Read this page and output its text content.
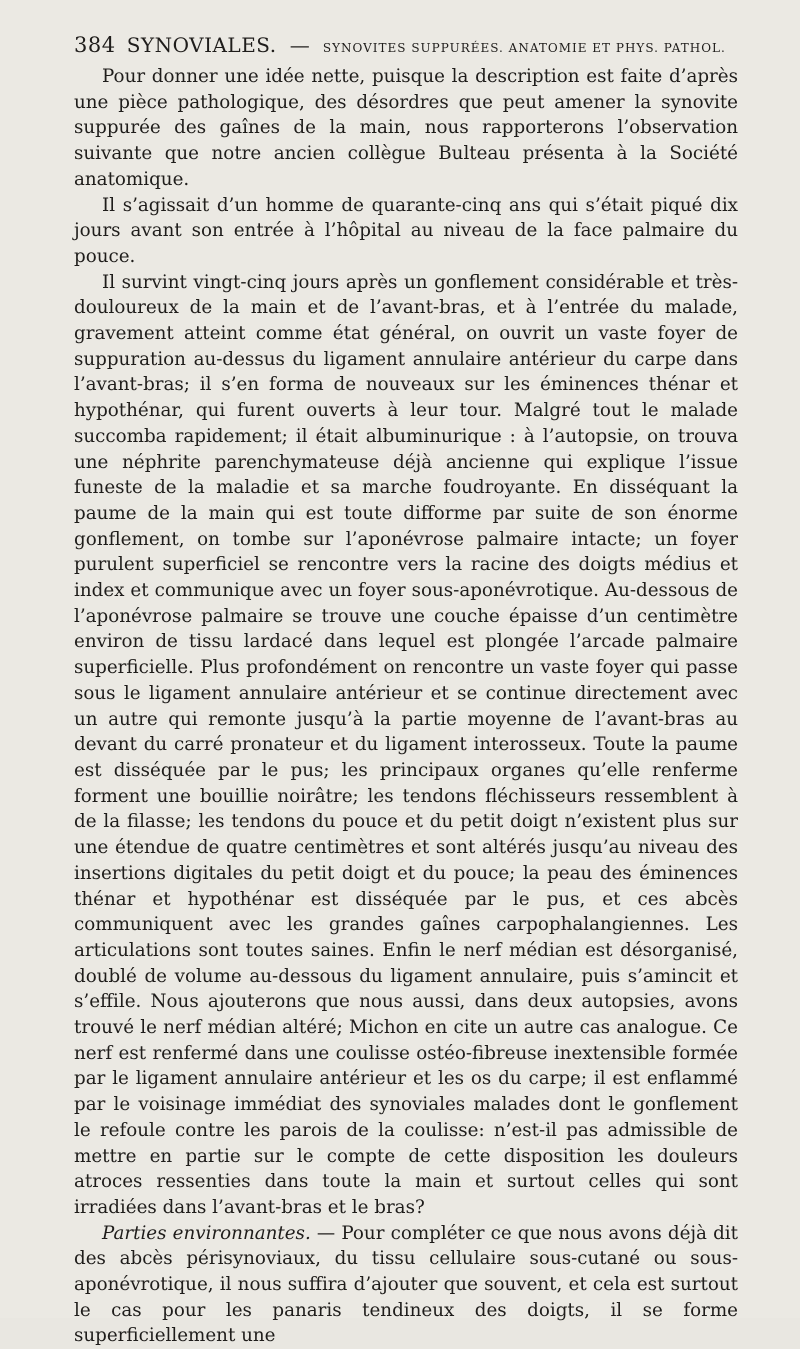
384 SYNOVIALES. — SYNOVITES SUPPURÉES. ANATOMIE ET PHYS. PATHOL.

Pour donner une idée nette, puisque la description est faite d’après une pièce pathologique, des désordres que peut amener la synovite suppurée des gaînes de la main, nous rapporterons l’observation suivante que notre ancien collègue Bulteau présenta à la Société anatomique.

Il s’agissait d’un homme de quarante-cinq ans qui s’était piqué dix jours avant son entrée à l’hôpital au niveau de la face palmaire du pouce.

Il survint vingt-cinq jours après un gonflement considérable et très-douloureux de la main et de l’avant-bras, et à l’entrée du malade, gravement atteint comme état général, on ouvrit un vaste foyer de suppuration au-dessus du ligament annulaire antérieur du carpe dans l’avant-bras; il s’en forma de nouveaux sur les éminences thénar et hypothénar, qui furent ouverts à leur tour. Malgré tout le malade succomba rapidement; il était albuminurique : à l’autopsie, on trouva une néphrite parenchymateuse déjà ancienne qui explique l’issue funeste de la maladie et sa marche foudroyante. En disséquant la paume de la main qui est toute difforme par suite de son énorme gonflement, on tombe sur l’aponévrose palmaire intacte; un foyer purulent superficiel se rencontre vers la racine des doigts médius et index et communique avec un foyer sous-aponévrotique. Au-dessous de l’aponévrose palmaire se trouve une couche épaisse d’un centimètre environ de tissu lardacé dans lequel est plongée l’arcade palmaire superficielle. Plus profondément on rencontre un vaste foyer qui passe sous le ligament annulaire antérieur et se continue directement avec un autre qui remonte jusqu’à la partie moyenne de l’avant-bras au devant du carré pronateur et du ligament interosseux. Toute la paume est disséquée par le pus; les principaux organes qu’elle renferme forment une bouillie noirâtre; les tendons fléchisseurs ressemblent à de la filasse; les tendons du pouce et du petit doigt n’existent plus sur une étendue de quatre centimètres et sont altérés jusqu’au niveau des insertions digitales du petit doigt et du pouce; la peau des éminences thénar et hypothénar est disséquée par le pus, et ces abcès communiquent avec les grandes gaînes carpophalangiennes. Les articulations sont toutes saines. Enfin le nerf médian est désorganisé, doublé de volume au-dessous du ligament annulaire, puis s’amincit et s’effile. Nous ajouterons que nous aussi, dans deux autopsies, avons trouvé le nerf médian altéré; Michon en cite un autre cas analogue. Ce nerf est renfermé dans une coulisse ostéo-fibreuse inextensible formée par le ligament annulaire antérieur et les os du carpe; il est enflammé par le voisinage immédiat des synoviales malades dont le gonflement le refoule contre les parois de la coulisse: n’est-il pas admissible de mettre en partie sur le compte de cette disposition les douleurs atroces ressenties dans toute la main et surtout celles qui sont irradiées dans l’avant-bras et le bras?

Parties environnantes. — Pour compléter ce que nous avons déjà dit des abcès périsynoviaux, du tissu cellulaire sous-cutané ou sous-aponévrotique, il nous suffira d’ajouter que souvent, et cela est surtout le cas pour les panaris tendineux des doigts, il se forme superficiellement une
